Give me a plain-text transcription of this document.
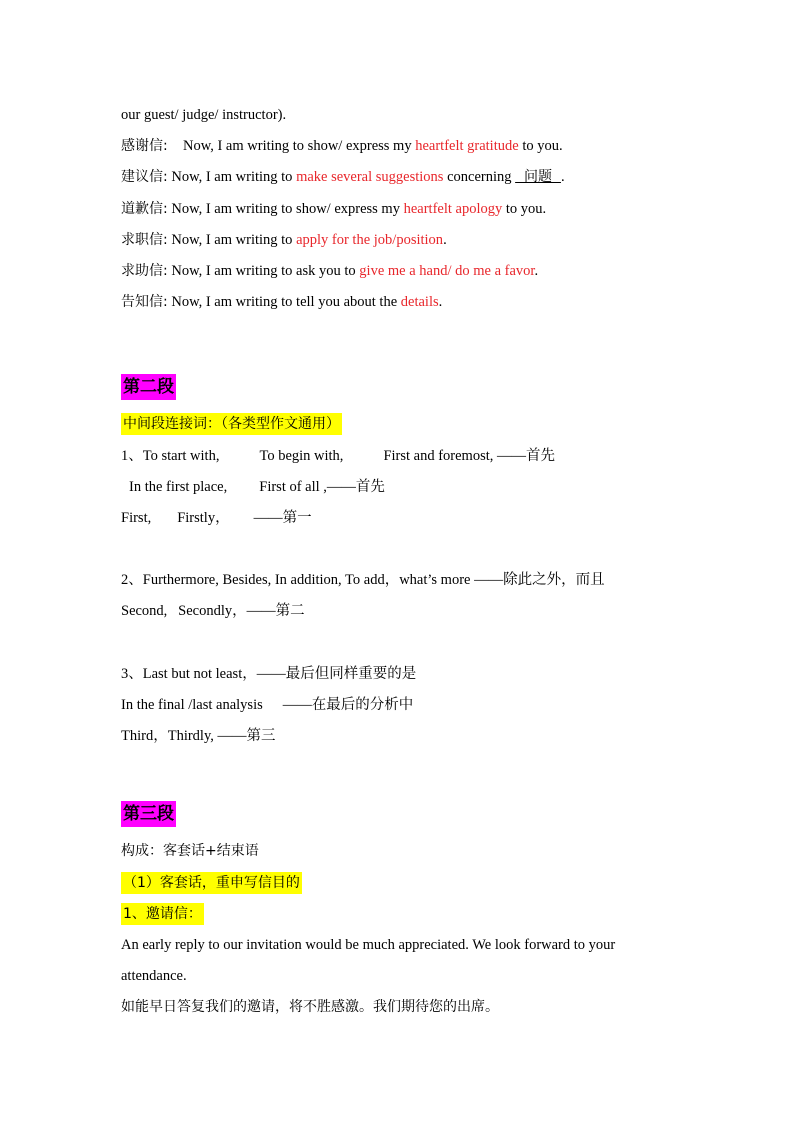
our guest/ judge/ instructor).
感谢信: Now, I am writing to show/ express my heartfelt gratitude to you.
建议信: Now, I am writing to make several suggestions concerning   问题  .
道歉信: Now, I am writing to show/ express my heartfelt apology to you.
求职信: Now, I am writing to apply for the job/position.
求助信: Now, I am writing to ask you to give me a hand/ do me a favor.
告知信: Now, I am writing to tell you about the details.
第二段
中间段连接词：（各类型作文通用）
1、To start with,	To begin with,	First and foremost, ——首先
In the first place, First of all ,——首先
First, Firstly， ——第一
2、Furthermore, Besides, In addition, To add，what’s more ——除此之外，而且
Second,   Secondly，——第二
3、Last but not least，——最后但同样重要的是
In the final /last analysis ——在最后的分析中
Third，Thirdly, ——第三
第三段
构成：客套话+结束语
（1）客套话，重申写信目的
1、邀请信：
An early reply to our invitation would be much appreciated. We look forward to your
attendance.
如能早日答复我们的邀请，将不胜感激。我们期待您的出席。
